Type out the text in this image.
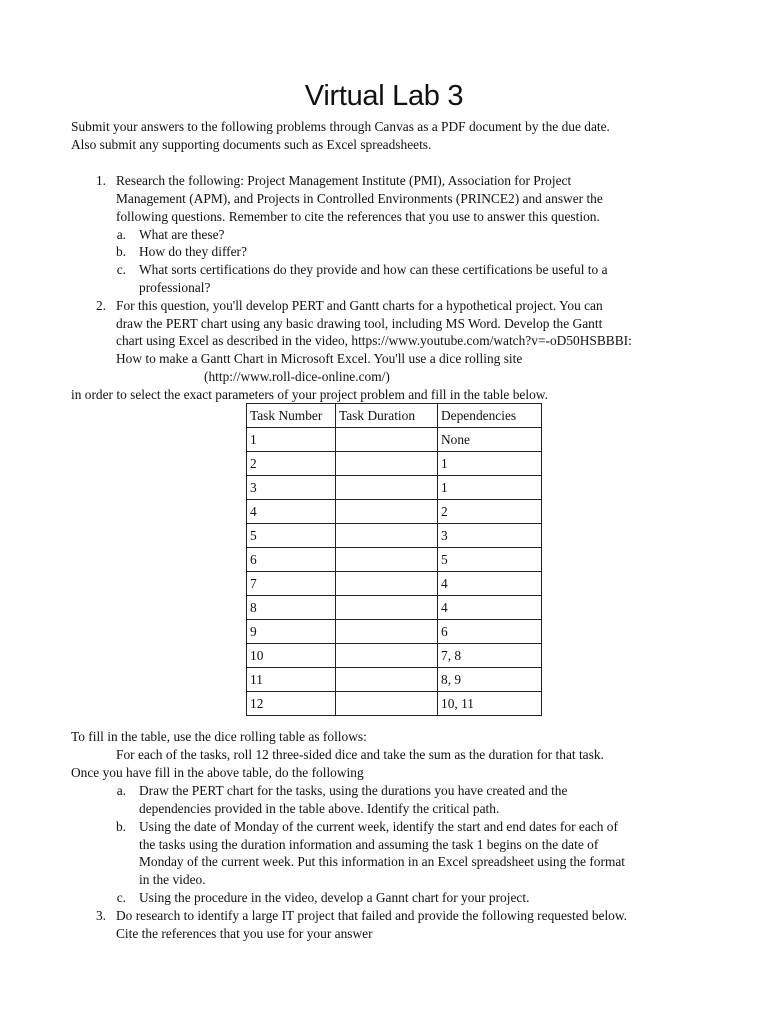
Virtual Lab 3
Submit your answers to the following problems through Canvas as a PDF document by the due date.
Also submit any supporting documents such as Excel spreadsheets.
1. Research the following: Project Management Institute (PMI), Association for Project
Management (APM), and Projects in Controlled Environments (PRINCE2) and answer the
following questions. Remember to cite the references that you use to answer this question.
a. What are these?
b. How do they differ?
c. What sorts certifications do they provide and how can these certifications be useful to a
professional?
2. For this question, you'll develop PERT and Gantt charts for a hypothetical project. You can
draw the PERT chart using any basic drawing tool, including MS Word. Develop the Gantt
chart using Excel as described in the video, https://www.youtube.com/watch?v=-oD50HSBBBI:
How to make a Gantt Chart in Microsoft Excel. You'll use a dice rolling site
(http://www.roll-dice-online.com/)
in order to select the exact parameters of your project problem and fill in the table below.
Task Number	Task Duration	Dependencies
1		None
2		1
3		1
4		2
5		3
6		5
7		4
8		4
9		6
10		7, 8
11		8, 9
12		10, 11
To fill in the table, use the dice rolling table as follows:
For each of the tasks, roll 12 three-sided dice and take the sum as the duration for that task.
Once you have fill in the above table, do the following
a. Draw the PERT chart for the tasks, using the durations you have created and the
dependencies provided in the table above. Identify the critical path.
b. Using the date of Monday of the current week, identify the start and end dates for each of
the tasks using the duration information and assuming the task 1 begins on the date of
Monday of the current week. Put this information in an Excel spreadsheet using the format
in the video.
c. Using the procedure in the video, develop a Gannt chart for your project.
3. Do research to identify a large IT project that failed and provide the following requested below.
Cite the references that you use for your answer
